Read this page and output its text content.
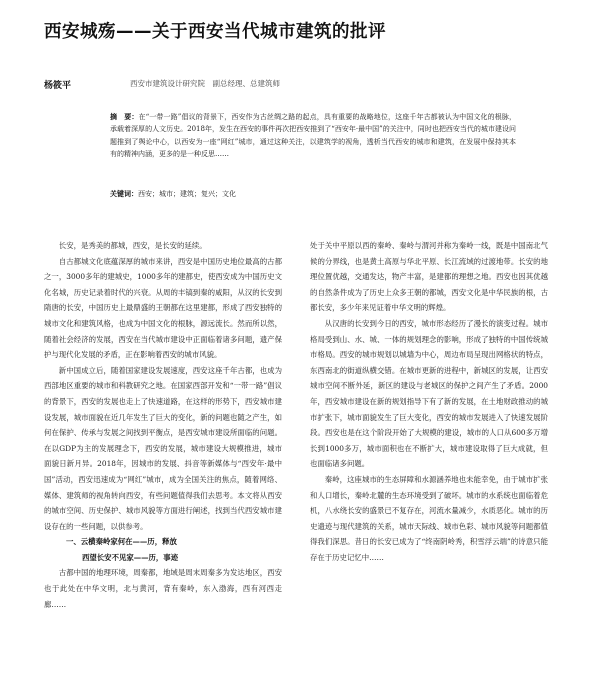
西安城殇——关于西安当代城市建筑的批评
杨筱平	西安市建筑设计研究院　副总经理、总建筑师
摘　要：在“一带一路”倡议的背景下，西安作为古丝绸之路的起点，具有重要的战略地位，这座千年古都被认为中国文化的根脉，承载着深厚的人文历史。2018年，发生在西安的事件再次把西安推到了“西安年·最中国”的关注中，同时也把西安当代的城市建设问题推到了舆论中心，以西安为一座“网红”城市，通过这种关注，以建筑学的视角，透析当代西安的城市和建筑，在发展中保持其本有的精神内涵，更多的是一种反思……
关键词：西安；城市；建筑；复兴；文化

长安，是秀美的都城，西安，是长安的延续。

自古都城文化底蕴深厚的城市来讲，西安是中国历史地位最高的古都之一，3000多年的建城史，1000多年的建都史，使西安成为中国历史文化名城，历史记录着时代的兴衰。从周的丰镐到秦的咸阳，从汉的长安到隋唐的长安，中国历史上最鼎盛的王朝都在这里建都，形成了西安独特的城市文化和建筑风格，也成为中国文化的根脉，源远流长。然而所以然，随着社会经济的发展，西安在当代城市建设中正面临着诸多问题，遗产保护与现代化发展的矛盾，正在影响着西安的城市风貌。

新中国成立后，随着国家建设发展速度，西安这座千年古都，也成为西部地区重要的城市和科教研究之地。在国家西部开发和“一带一路”倡议的背景下，西安的发展也走上了快速道路，在这样的形势下，西安城市建设发展，城市面貌在近几年发生了巨大的变化，新的问题也随之产生，如何在保护、传承与发展之间找到平衡点，是西安城市建设所面临的问题。在以GDP为主的发展理念下，西安的发展，城市建设大规模推进，城市面貌日新月异。2018年，因城市的发展、抖音等新媒体与“西安年·最中国”活动，西安迅速成为“网红”城市，成为全国关注的焦点，随着网络、媒体、建筑师的视角转向西安，有些问题值得我们去思考。本文将从西安的城市空间、历史保护、城市风貌等方面进行阐述，找到当代西安城市建设存在的一些问题，以供参考。

一、云横秦岭家何在——历，释放
西望长安不见家——历，事迹

古都中国的地理环境，周秦都，地域是周末周秦多为发达地区，西安也于此处在中华文明，北与黄河，背有秦岭，东入渤海，西有河西走廊……

处于关中平原以西的秦岭、秦岭与渭河并称为秦岭一线，既是中国南北气候的分界线，也是黄土高原与华北平原、长江流域的过渡地带。长安的地理位置优越，交通发达，物产丰富，是建都的理想之地。西安也因其优越的自然条件成为了历史上众多王朝的都城，西安文化是中华民族的根，古都长安，多少年来见证着中华文明的辉煌。

从汉唐的长安到今日的西安，城市形态经历了漫长的演变过程。城市格局受到山、水、城、一体的规划理念的影响，形成了独特的中国传统城市格局。西安的城市规划以城墙为中心，周边布局呈现出网格状的特点，东西南北的街道纵横交错。在城市更新的进程中，新城区的发展，让西安城市空间不断外延，新区的建设与老城区的保护之间产生了矛盾。2000年，西安城市建设在新的规划指导下有了新的发展，在土地财政推动的城市扩张下，城市面貌发生了巨大变化，西安的城市发展进入了快速发展阶段。西安也是在这个阶段开始了大规模的建设，城市的人口从600多万增长到1000多万，城市面积也在不断扩大，城市建设取得了巨大成就，但也面临诸多问题。

秦岭，这座城市的生态屏障和水源涵养地也未能幸免，由于城市扩张和人口增长，秦岭北麓的生态环境受到了破坏。城市的水系统也面临着危机，八水绕长安的盛景已不复存在，河流水量减少，水质恶化。城市的历史遗迹与现代建筑的关系，城市天际线、城市色彩、城市风貌等问题都值得我们深思。昔日的长安已成为了“终南阴岭秀，积雪浮云端”的诗意只能存在于历史记忆中……
